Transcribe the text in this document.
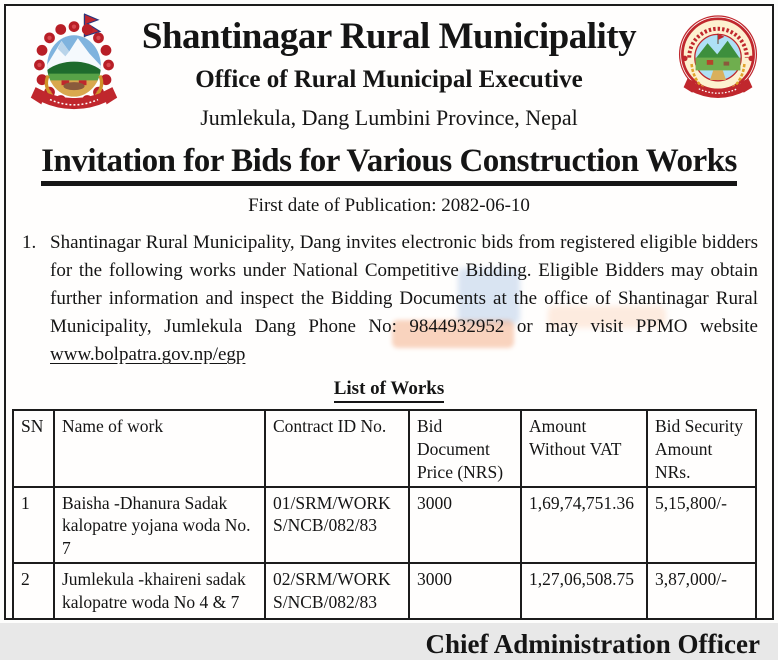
Shantinagar Rural Municipality
Office of Rural Municipal Executive
Jumlekula, Dang Lumbini Province, Nepal
Invitation for Bids for Various Construction Works
First date of Publication: 2082-06-10
1. Shantinagar Rural Municipality, Dang invites electronic bids from registered eligible bidders for the following works under National Competitive Bidding. Eligible Bidders may obtain further information and inspect the Bidding Documents at the office of Shantinagar Rural Municipality, Jumlekula Dang Phone No: 9844932952 or may visit PPMO website www.bolpatra.gov.np/egp
List of Works
SN	Name of work	Contract ID No.	Bid Document Price (NRS)	Amount Without VAT	Bid Security Amount NRs.
1	Baisha -Dhanura Sadak kalopatre yojana woda No. 7	01/SRM/WORKS/NCB/082/83	3000	1,69,74,751.36	5,15,800/-
2	Jumlekula -khaireni sadak kalopatre woda No 4 & 7	02/SRM/WORKS/NCB/082/83	3000	1,27,06,508.75	3,87,000/-
Chief Administration Officer
